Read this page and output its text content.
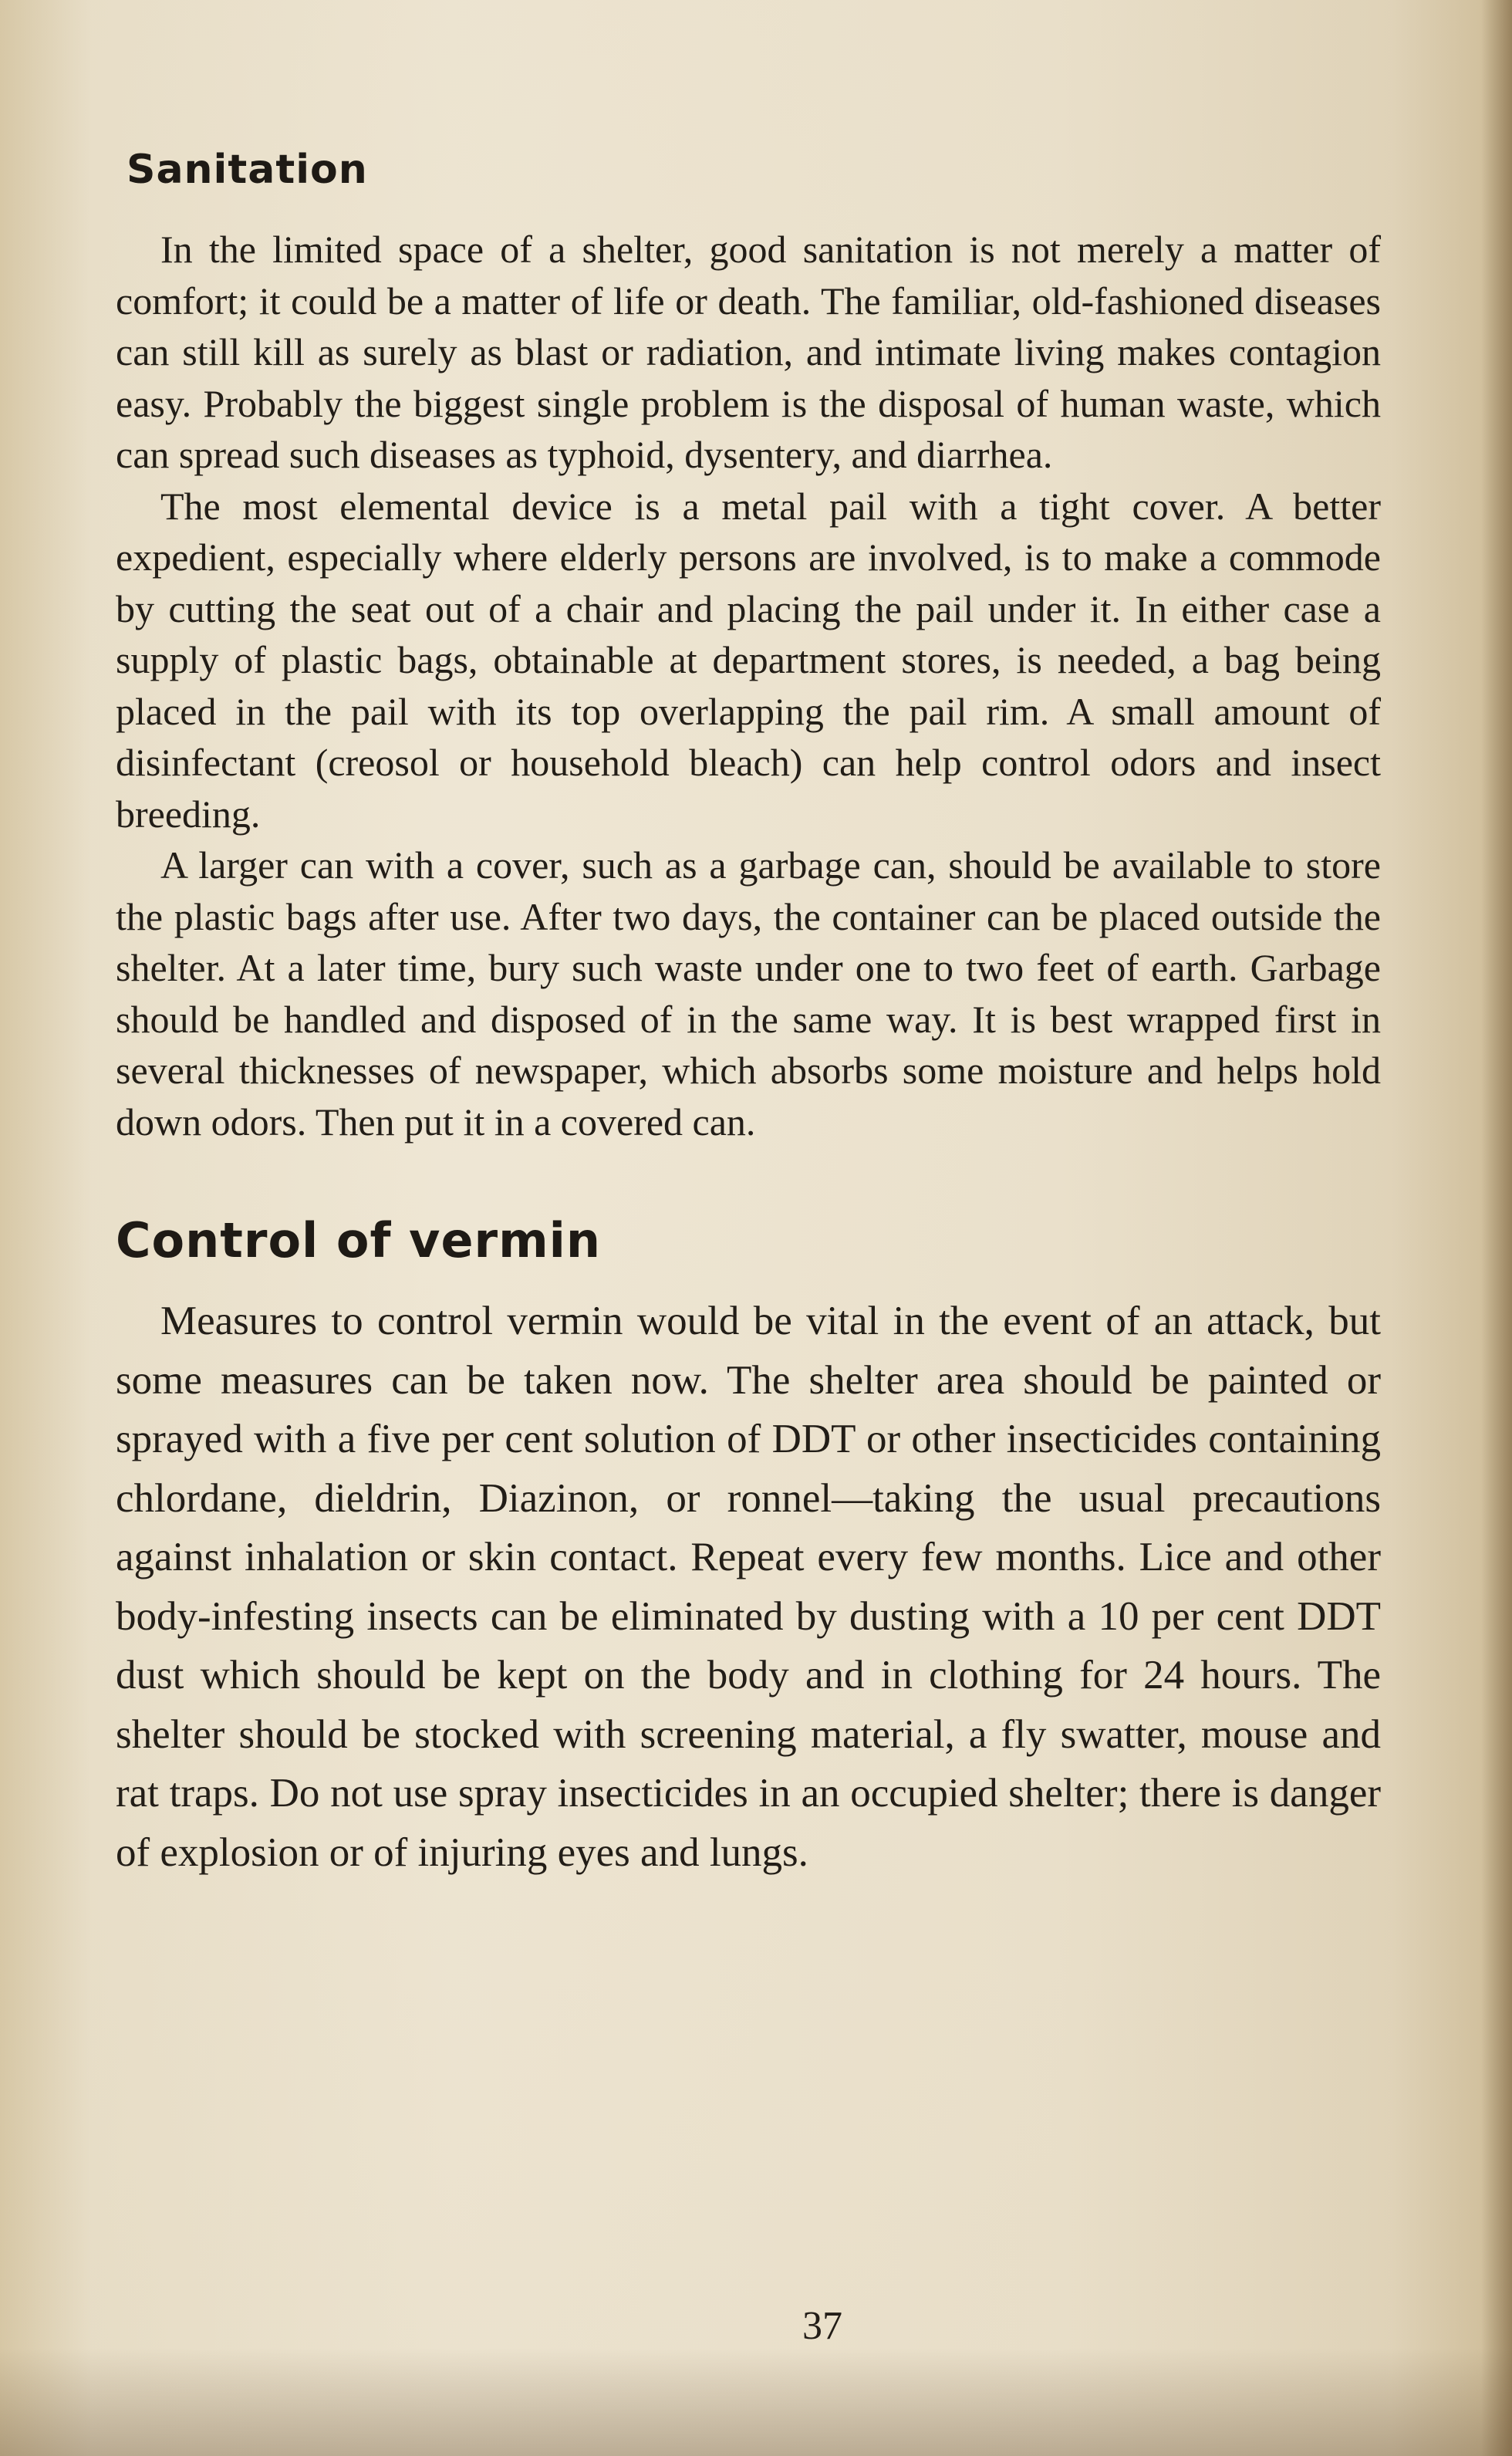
Sanitation

In the limited space of a shelter, good sanitation is not merely a matter of comfort; it could be a matter of life or death. The familiar, old-fashioned diseases can still kill as surely as blast or radiation, and intimate living makes contagion easy. Probably the biggest single problem is the disposal of human waste, which can spread such diseases as typhoid, dysentery, and diarrhea.

The most elemental device is a metal pail with a tight cover. A better expedient, especially where elderly persons are involved, is to make a commode by cutting the seat out of a chair and placing the pail under it. In either case a supply of plastic bags, obtainable at department stores, is needed, a bag being placed in the pail with its top overlapping the pail rim. A small amount of disinfectant (creosol or household bleach) can help control odors and insect breeding.

A larger can with a cover, such as a garbage can, should be available to store the plastic bags after use. After two days, the container can be placed outside the shelter. At a later time, bury such waste under one to two feet of earth. Garbage should be handled and disposed of in the same way. It is best wrapped first in several thicknesses of newspaper, which absorbs some moisture and helps hold down odors. Then put it in a covered can.

Control of vermin

Measures to control vermin would be vital in the event of an attack, but some measures can be taken now. The shelter area should be painted or sprayed with a five per cent solution of DDT or other insecticides containing chlordane, dieldrin, Diazinon, or ronnel—taking the usual precautions against inhalation or skin contact. Repeat every few months. Lice and other body-infesting insects can be eliminated by dusting with a 10 per cent DDT dust which should be kept on the body and in clothing for 24 hours. The shelter should be stocked with screening material, a fly swatter, mouse and rat traps. Do not use spray insecticides in an occupied shelter; there is danger of explosion or of injuring eyes and lungs.

37
